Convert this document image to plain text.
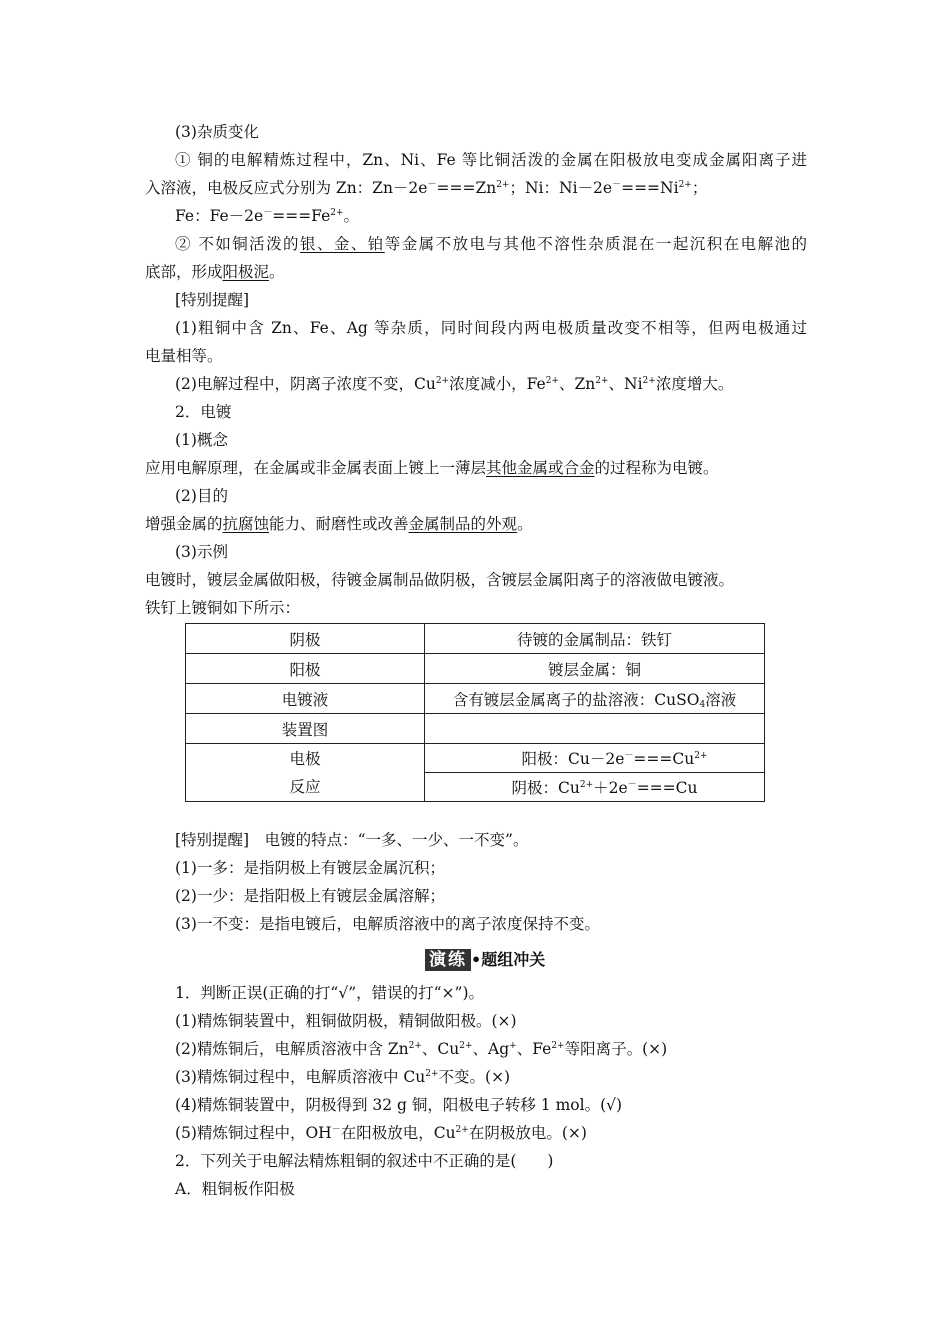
(3)杂质变化
① 铜的电解精炼过程中，Zn、Ni、Fe 等比铜活泼的金属在阳极放电变成金属阳离子进
入溶液，电极反应式分别为 Zn：$Zn-2e^-===Zn^{2+}$；Ni：$Ni-2e^-===Ni^{2+}$；
Fe：$Fe-2e^-===Fe^{2+}$。
② 不如铜活泼的银、金、铂等金属不放电与其他不溶性杂质混在一起沉积在电解池的
底部，形成阳极泥。
[特别提醒]
(1)粗铜中含 Zn、Fe、Ag 等杂质，同时间段内两电极质量改变不相等，但两电极通过
电量相等。
(2)电解过程中，阴离子浓度不变，$Cu^{2+}$浓度减小，$Fe^{2+}$、$Zn^{2+}$、$Ni^{2+}$浓度增大。
2．电镀
(1)概念
应用电解原理，在金属或非金属表面上镀上一薄层其他金属或合金的过程称为电镀。
(2)目的
增强金属的抗腐蚀能力、耐磨性或改善金属制品的外观。
(3)示例
电镀时，镀层金属做阳极，待镀金属制品做阴极，含镀层金属阳离子的溶液做电镀液。
铁钉上镀铜如下所示：
阴极	待镀的金属制品：铁钉
阳极	镀层金属：铜
电镀液	含有镀层金属离子的盐溶液：CuSO$_4$溶液
装置图	
电极
反应	阳极：$Cu-2e^-===Cu^{2+}$
	阴极：$Cu^{2+}+2e^-===Cu$
[特别提醒]　电镀的特点：“一多、一少、一不变”。
(1)一多：是指阴极上有镀层金属沉积；
(2)一少：是指阳极上有镀层金属溶解；
(3)一不变：是指电镀后，电解质溶液中的离子浓度保持不变。
演练 •题组冲关
1．判断正误(正确的打“√”，错误的打“×”)。
(1)精炼铜装置中，粗铜做阴极，精铜做阳极。(×)
(2)精炼铜后，电解质溶液中含 $Zn^{2+}$、$Cu^{2+}$、Ag+、$Fe^{2+}$等阳离子。(×)
(3)精炼铜过程中，电解质溶液中 $Cu^{2+}$不变。(×)
(4)精炼铜装置中，阴极得到 32 g 铜，阳极电子转移 1 mol。(√)
(5)精炼铜过程中，OH－在阳极放电，$Cu^{2+}$在阴极放电。(×)
2．下列关于电解法精炼粗铜的叙述中不正确的是(　　)
A．粗铜板作阳极
